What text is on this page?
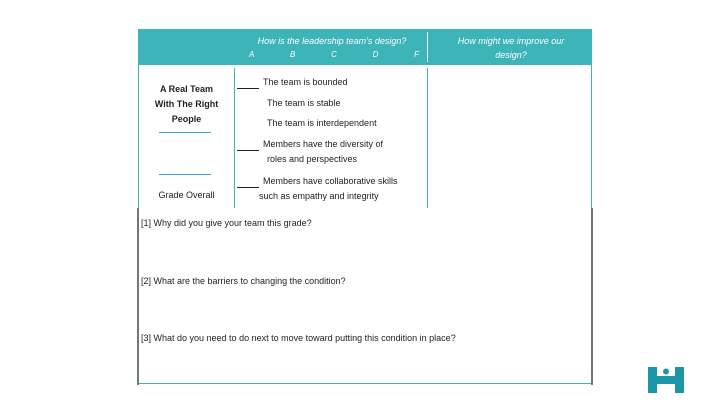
How is the leadership team's design?
A	B	C	D	F
How might we improve our
design?
A Real Team
With The Right
People
Grade Overall
The team is bounded
The team is stable
The team is interdependent
Members have the diversity of
roles and perspectives
Members have collaborative skills
such as empathy and integrity
[1] Why did you give your team this grade?
[2] What are the barriers to changing the condition?
[3] What do you need to do next to move toward putting this condition in place?
